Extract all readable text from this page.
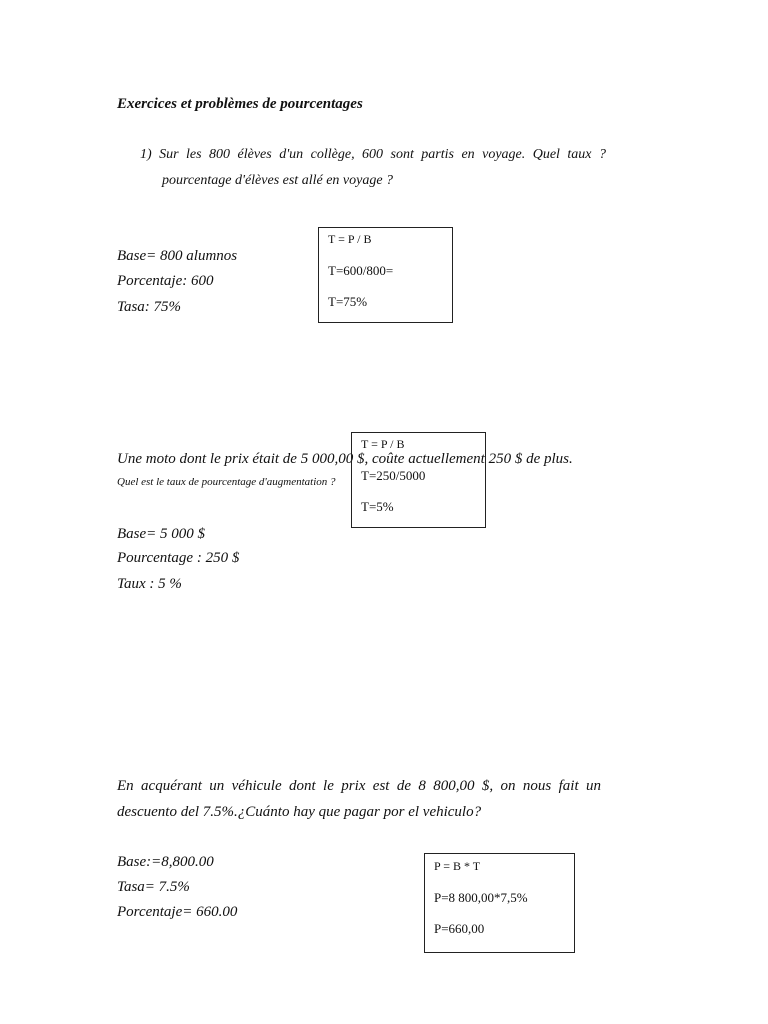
Exercices et problèmes de pourcentages
1) Sur les 800 élèves d'un collège, 600 sont partis en voyage. Quel taux ?
pourcentage d'élèves est allé en voyage ?
Base= 800 alumnos
Porcentaje: 600
Tasa: 75%
T = P / B
T=600/800=
T=75%
Une moto dont le prix était de 5 000,00 $, coûte actuellement 250 $ de plus.
Quel est le taux de pourcentage d'augmentation ?
T = P / B
T=250/5000
T=5%
Base= 5 000 $
Pourcentage : 250 $
Taux : 5 %
En acquérant un véhicule dont le prix est de 8 800,00 $, on nous fait un
descuento del 7.5%.¿Cuánto hay que pagar por el vehiculo?
Base:=8,800.00
Tasa= 7.5%
Porcentaje= 660.00
P = B * T
P=8 800,00*7,5%
P=660,00
